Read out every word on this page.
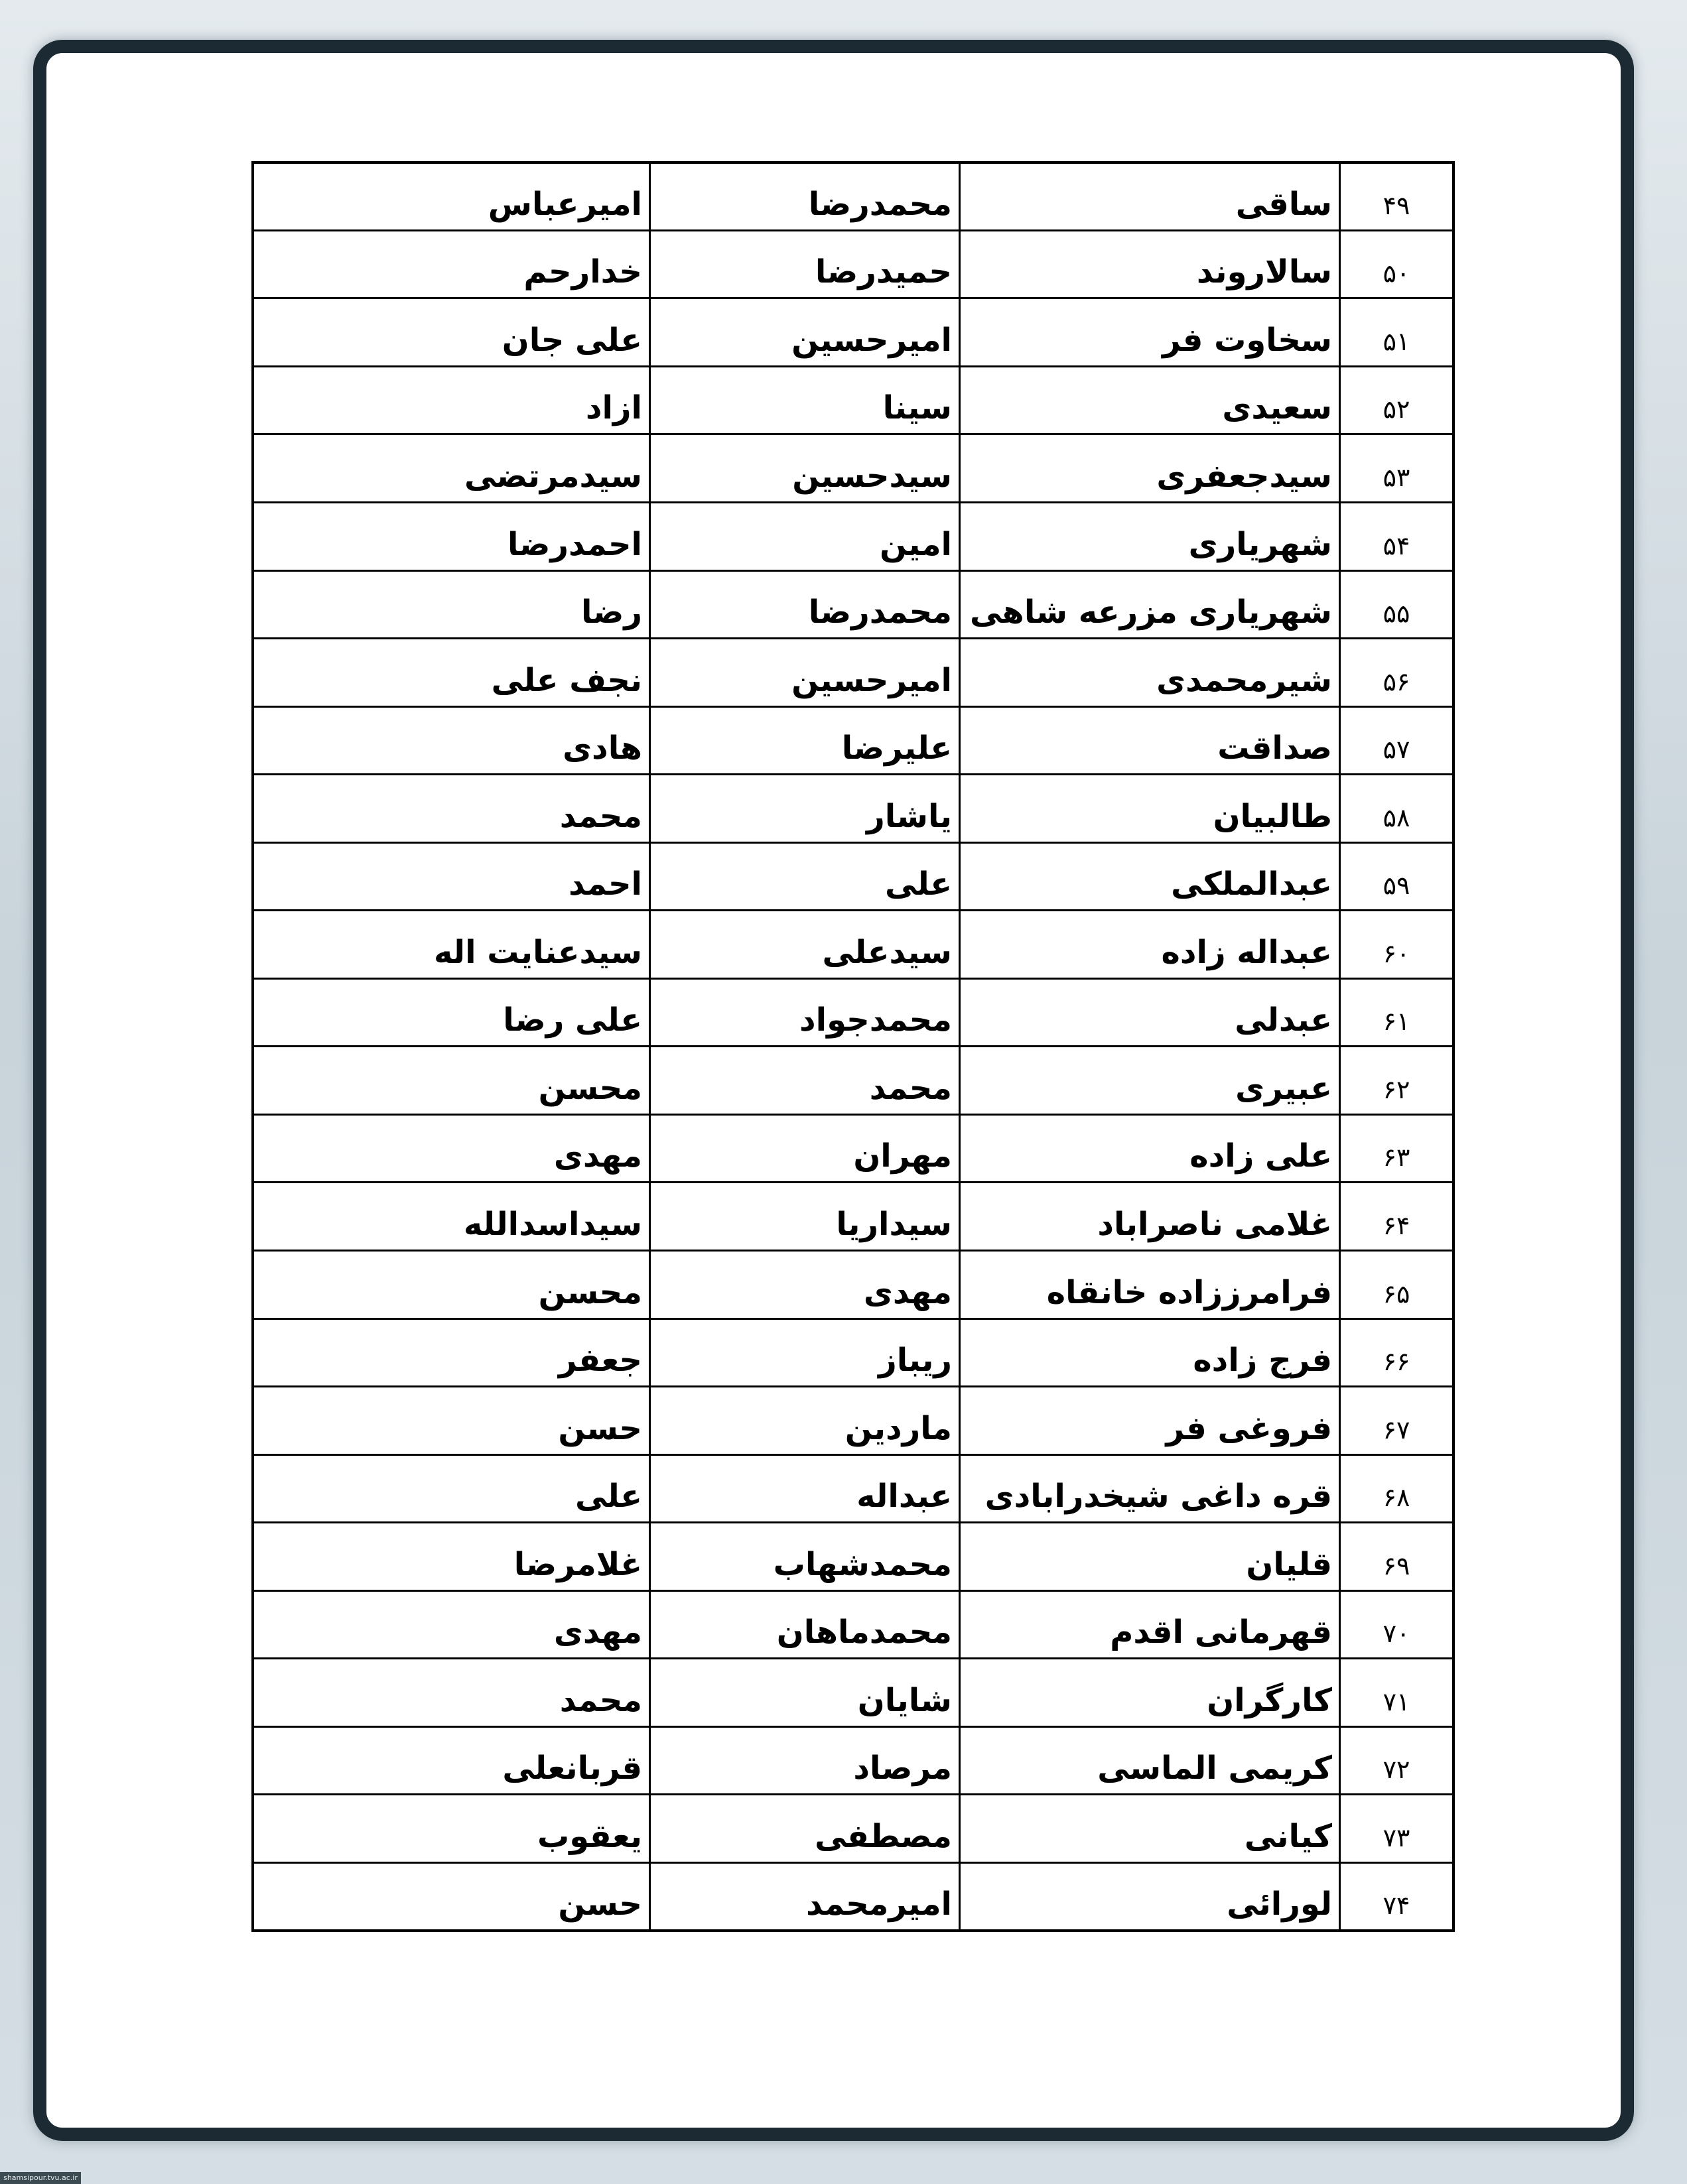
۴۹	ساقی	محمدرضا	امیرعباس
۵۰	سالاروند	حمیدرضا	خدارحم
۵۱	سخاوت فر	امیرحسین	علی جان
۵۲	سعیدی	سینا	ازاد
۵۳	سیدجعفری	سیدحسین	سیدمرتضی
۵۴	شهریاری	امین	احمدرضا
۵۵	شهریاری مزرعه شاهی	محمدرضا	رضا
۵۶	شیرمحمدی	امیرحسین	نجف علی
۵۷	صداقت	علیرضا	هادی
۵۸	طالبیان	یاشار	محمد
۵۹	عبدالملکی	علی	احمد
۶۰	عبداله زاده	سیدعلی	سیدعنایت اله
۶۱	عبدلی	محمدجواد	علی رضا
۶۲	عبیری	محمد	محسن
۶۳	علی زاده	مهران	مهدی
۶۴	غلامی ناصراباد	سیداریا	سیداسدالله
۶۵	فرامرززاده خانقاه	مهدی	محسن
۶۶	فرج زاده	ریباز	جعفر
۶۷	فروغی فر	ماردین	حسن
۶۸	قره داغی شیخدرابادی	عبداله	علی
۶۹	قلیان	محمدشهاب	غلامرضا
۷۰	قهرمانی اقدم	محمدماهان	مهدی
۷۱	کارگران	شایان	محمد
۷۲	کریمی الماسی	مرصاد	قربانعلی
۷۳	کیانی	مصطفی	یعقوب
۷۴	لورائی	امیرمحمد	حسن
shamsipour.tvu.ac.ir
